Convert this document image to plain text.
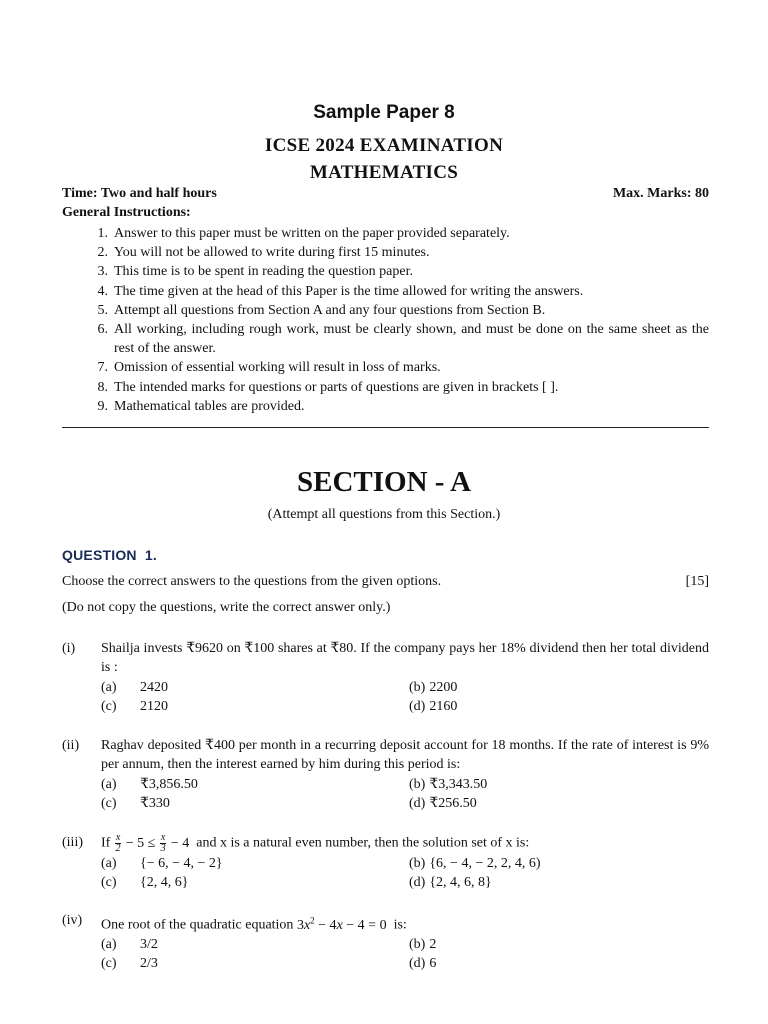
Sample Paper 8
ICSE 2024 EXAMINATION
MATHEMATICS
Time: Two and half hours	Max. Marks: 80
General Instructions:
1. Answer to this paper must be written on the paper provided separately.
2. You will not be allowed to write during first 15 minutes.
3. This time is to be spent in reading the question paper.
4. The time given at the head of this Paper is the time allowed for writing the answers.
5. Attempt all questions from Section A and any four questions from Section B.
6. All working, including rough work, must be clearly shown, and must be done on the same sheet as the rest of the answer.
7. Omission of essential working will result in loss of marks.
8. The intended marks for questions or parts of questions are given in brackets [ ].
9. Mathematical tables are provided.
SECTION - A
(Attempt all questions from this Section.)
QUESTION 1.
Choose the correct answers to the questions from the given options.	[15]
(Do not copy the questions, write the correct answer only.)
(i) Shailja invests ₹9620 on ₹100 shares at ₹80. If the company pays her 18% dividend then her total dividend is :
(a) 2420	(b) 2200
(c) 2120	(d) 2160
(ii) Raghav deposited ₹400 per month in a recurring deposit account for 18 months. If the rate of interest is 9% per annum, then the interest earned by him during this period is:
(a) ₹3,856.50	(b) ₹3,343.50
(c) ₹330	(d) ₹256.50
(iii) If $\frac{x}{2} - 5 \le \frac{x}{3} - 4$ and x is a natural even number, then the solution set of x is:
(a) {− 6, − 4, − 2}	(b) {6, − 4, − 2, 2, 4, 6)
(c) {2, 4, 6}	(d) {2, 4, 6, 8}
(iv) One root of the quadratic equation $3x^2 - 4x - 4 = 0$ is:
(a) 3/2	(b) 2
(c) 2/3	(d) 6
